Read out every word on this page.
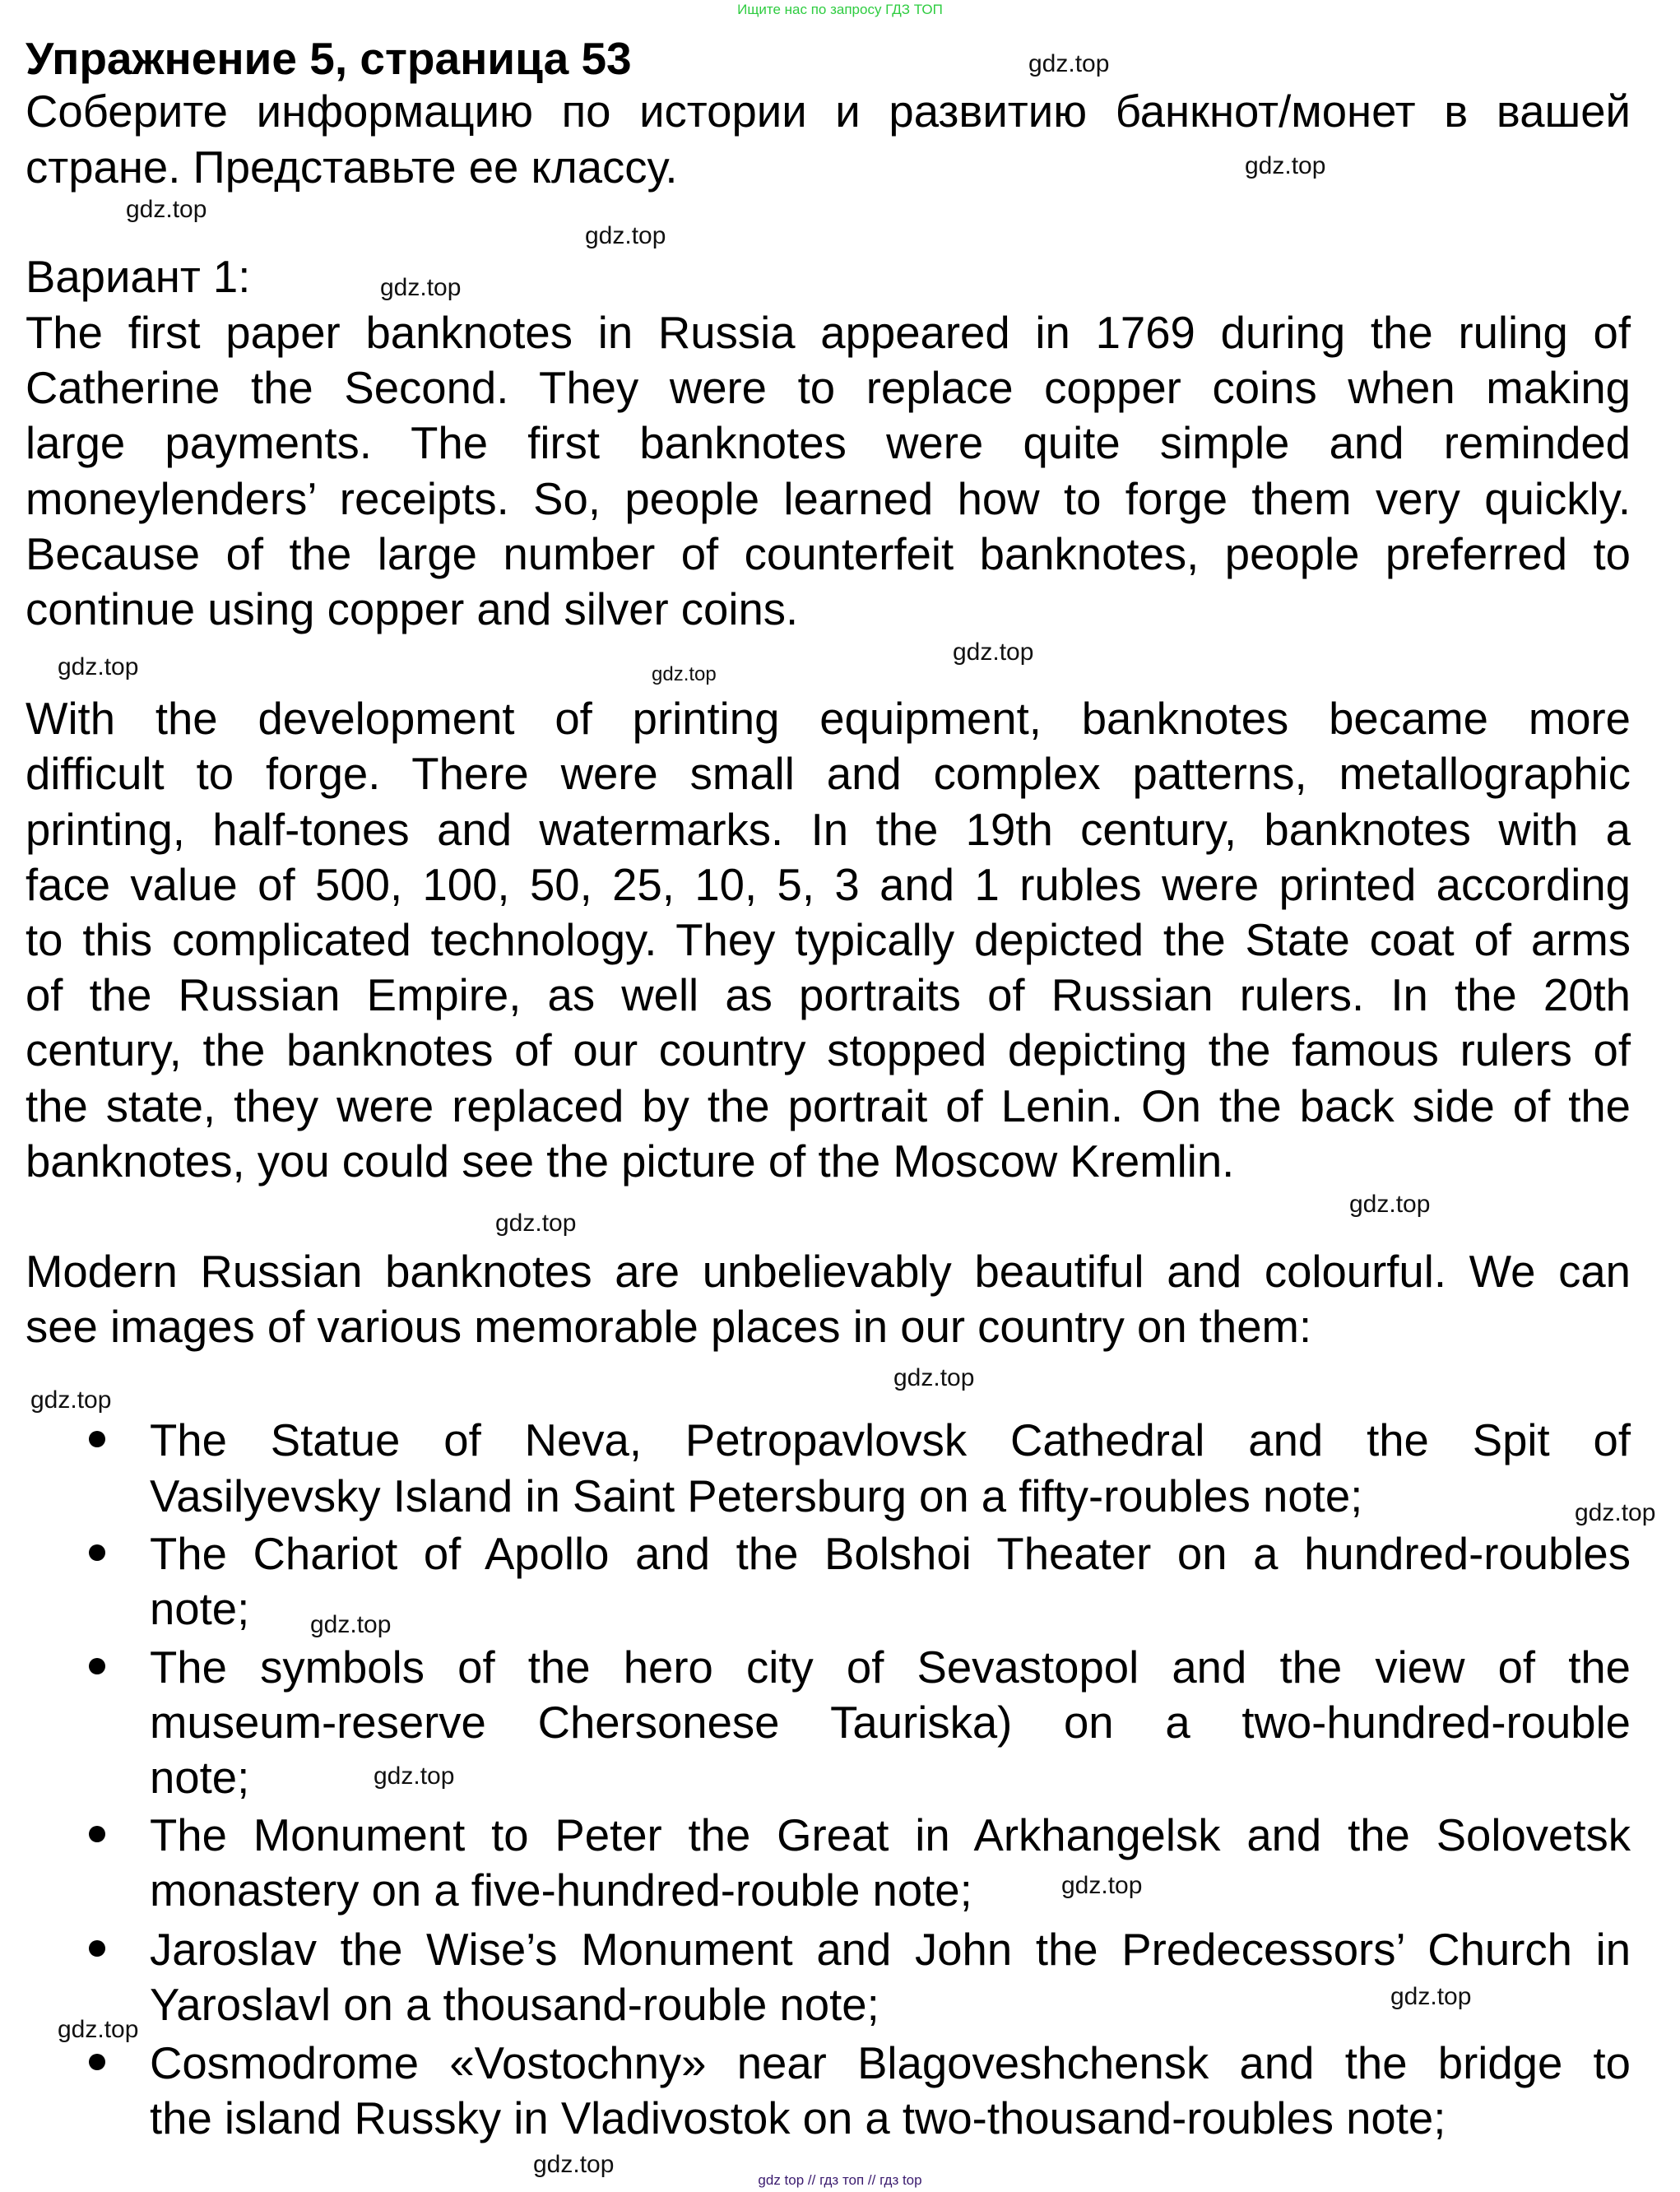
Ищите нас по запросу ГДЗ ТОП
Упражнение 5, страница 53
Соберите информацию по истории и развитию банкнот/монет в вашей
стране. Представьте ее классу.
Вариант 1:
The first paper banknotes in Russia appeared in 1769 during the ruling of
Catherine the Second. They were to replace copper coins when making
large payments. The first banknotes were quite simple and reminded
moneylenders’ receipts. So, people learned how to forge them very quickly.
Because of the large number of counterfeit banknotes, people preferred to
continue using copper and silver coins.
With the development of printing equipment, banknotes became more
difficult to forge. There were small and complex patterns, metallographic
printing, half-tones and watermarks. In the 19th century, banknotes with a
face value of 500, 100, 50, 25, 10, 5, 3 and 1 rubles were printed according
to this complicated technology. They typically depicted the State coat of arms
of the Russian Empire, as well as portraits of Russian rulers. In the 20th
century, the banknotes of our country stopped depicting the famous rulers of
the state, they were replaced by the portrait of Lenin. On the back side of the
banknotes, you could see the picture of the Moscow Kremlin.
Modern Russian banknotes are unbelievably beautiful and colourful. We can
see images of various memorable places in our country on them:
The Statue of Neva, Petropavlovsk Cathedral and the Spit of
Vasilyevsky Island in Saint Petersburg on a fifty-roubles note;
The Chariot of Apollo and the Bolshoi Theater on a hundred-roubles
note;
The symbols of the hero city of Sevastopol and the view of the
museum-reserve Chersonese Tauriska) on a two-hundred-rouble
note;
The Monument to Peter the Great in Arkhangelsk and the Solovetsk
monastery on a five-hundred-rouble note;
Jaroslav the Wise’s Monument and John the Predecessors’ Church in
Yaroslavl on a thousand-rouble note;
Cosmodrome «Vostochny» near Blagoveshchensk and the bridge to
the island Russky in Vladivostok on a two-thousand-roubles note;
gdz top // гдз топ // гдз top
gdz.top
gdz.top
gdz.top
gdz.top
gdz.top
gdz.top
gdz.top	gdz.top
gdz.top
gdz.top
gdz.top
gdz.top
gdz.top
gdz.top
gdz.top
gdz.top
gdz.top
gdz.top
gdz.top
